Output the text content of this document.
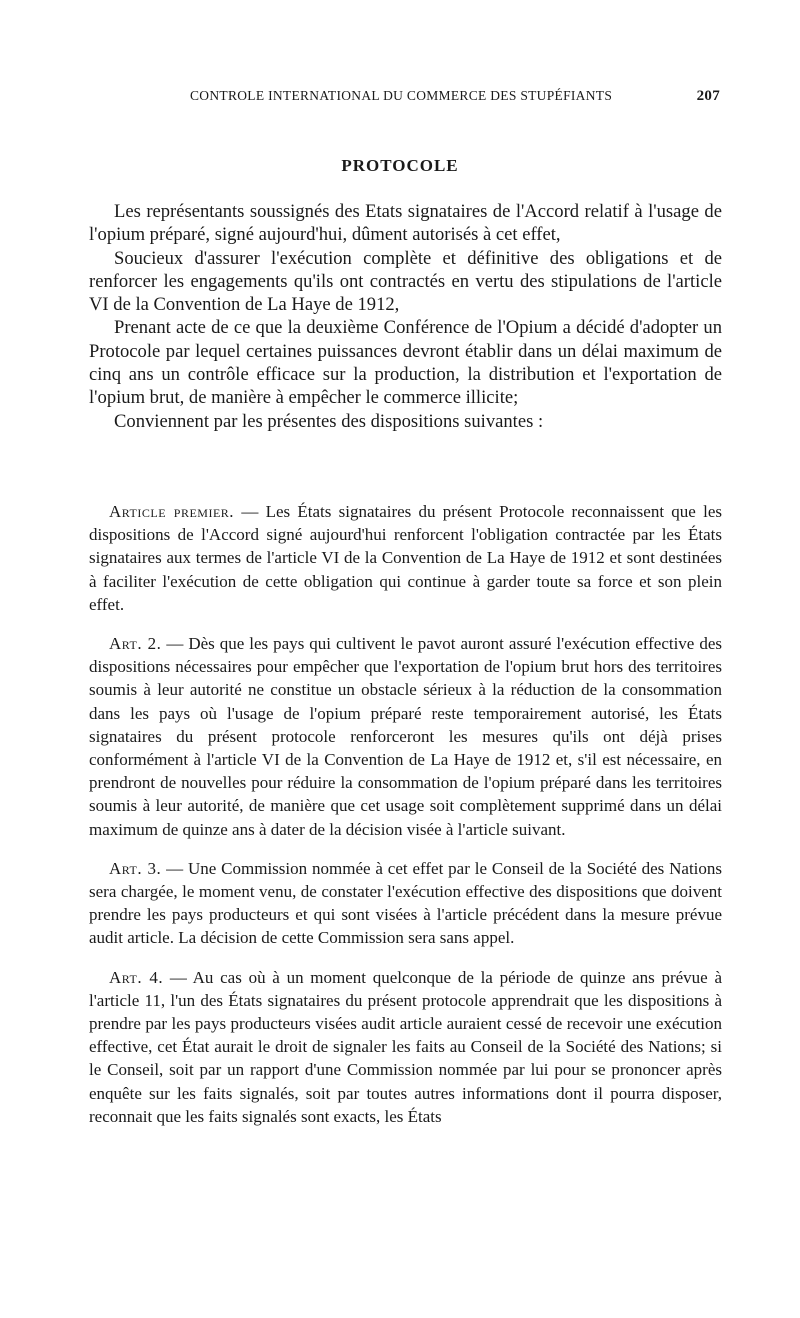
CONTROLE INTERNATIONAL DU COMMERCE DES STUPÉFIANTS	207
PROTOCOLE

Les représentants soussignés des Etats signataires de l'Accord relatif à l'usage de l'opium préparé, signé aujourd'hui, dûment autorisés à cet effet,

Soucieux d'assurer l'exécution complète et définitive des obligations et de renforcer les engagements qu'ils ont contractés en vertu des stipulations de l'article VI de la Convention de La Haye de 1912,

Prenant acte de ce que la deuxième Conférence de l'Opium a décidé d'adopter un Protocole par lequel certaines puissances devront établir dans un délai maximum de cinq ans un contrôle efficace sur la production, la distribution et l'exportation de l'opium brut, de manière à empêcher le commerce illicite;

Conviennent par les présentes des dispositions suivantes :

Article premier. — Les États signataires du présent Protocole reconnaissent que les dispositions de l'Accord signé aujourd'hui renforcent l'obligation contractée par les États signataires aux termes de l'article VI de la Convention de La Haye de 1912 et sont destinées à faciliter l'exécution de cette obligation qui continue à garder toute sa force et son plein effet.

Art. 2. — Dès que les pays qui cultivent le pavot auront assuré l'exécution effective des dispositions nécessaires pour empêcher que l'exportation de l'opium brut hors des territoires soumis à leur autorité ne constitue un obstacle sérieux à la réduction de la consommation dans les pays où l'usage de l'opium préparé reste temporairement autorisé, les États signataires du présent protocole renforceront les mesures qu'ils ont déjà prises conformément à l'article VI de la Convention de La Haye de 1912 et, s'il est nécessaire, en prendront de nouvelles pour réduire la consommation de l'opium préparé dans les territoires soumis à leur autorité, de manière que cet usage soit complètement supprimé dans un délai maximum de quinze ans à dater de la décision visée à l'article suivant.

Art. 3. — Une Commission nommée à cet effet par le Conseil de la Société des Nations sera chargée, le moment venu, de constater l'exécution effective des dispositions que doivent prendre les pays producteurs et qui sont visées à l'article précédent dans la mesure prévue audit article. La décision de cette Commission sera sans appel.

Art. 4. — Au cas où à un moment quelconque de la période de quinze ans prévue à l'article 11, l'un des États signataires du présent protocole apprendrait que les dispositions à prendre par les pays producteurs visées audit article auraient cessé de recevoir une exécution effective, cet État aurait le droit de signaler les faits au Conseil de la Société des Nations; si le Conseil, soit par un rapport d'une Commission nommée par lui pour se prononcer après enquête sur les faits signalés, soit par toutes autres informations dont il pourra disposer, reconnait que les faits signalés sont exacts, les États
